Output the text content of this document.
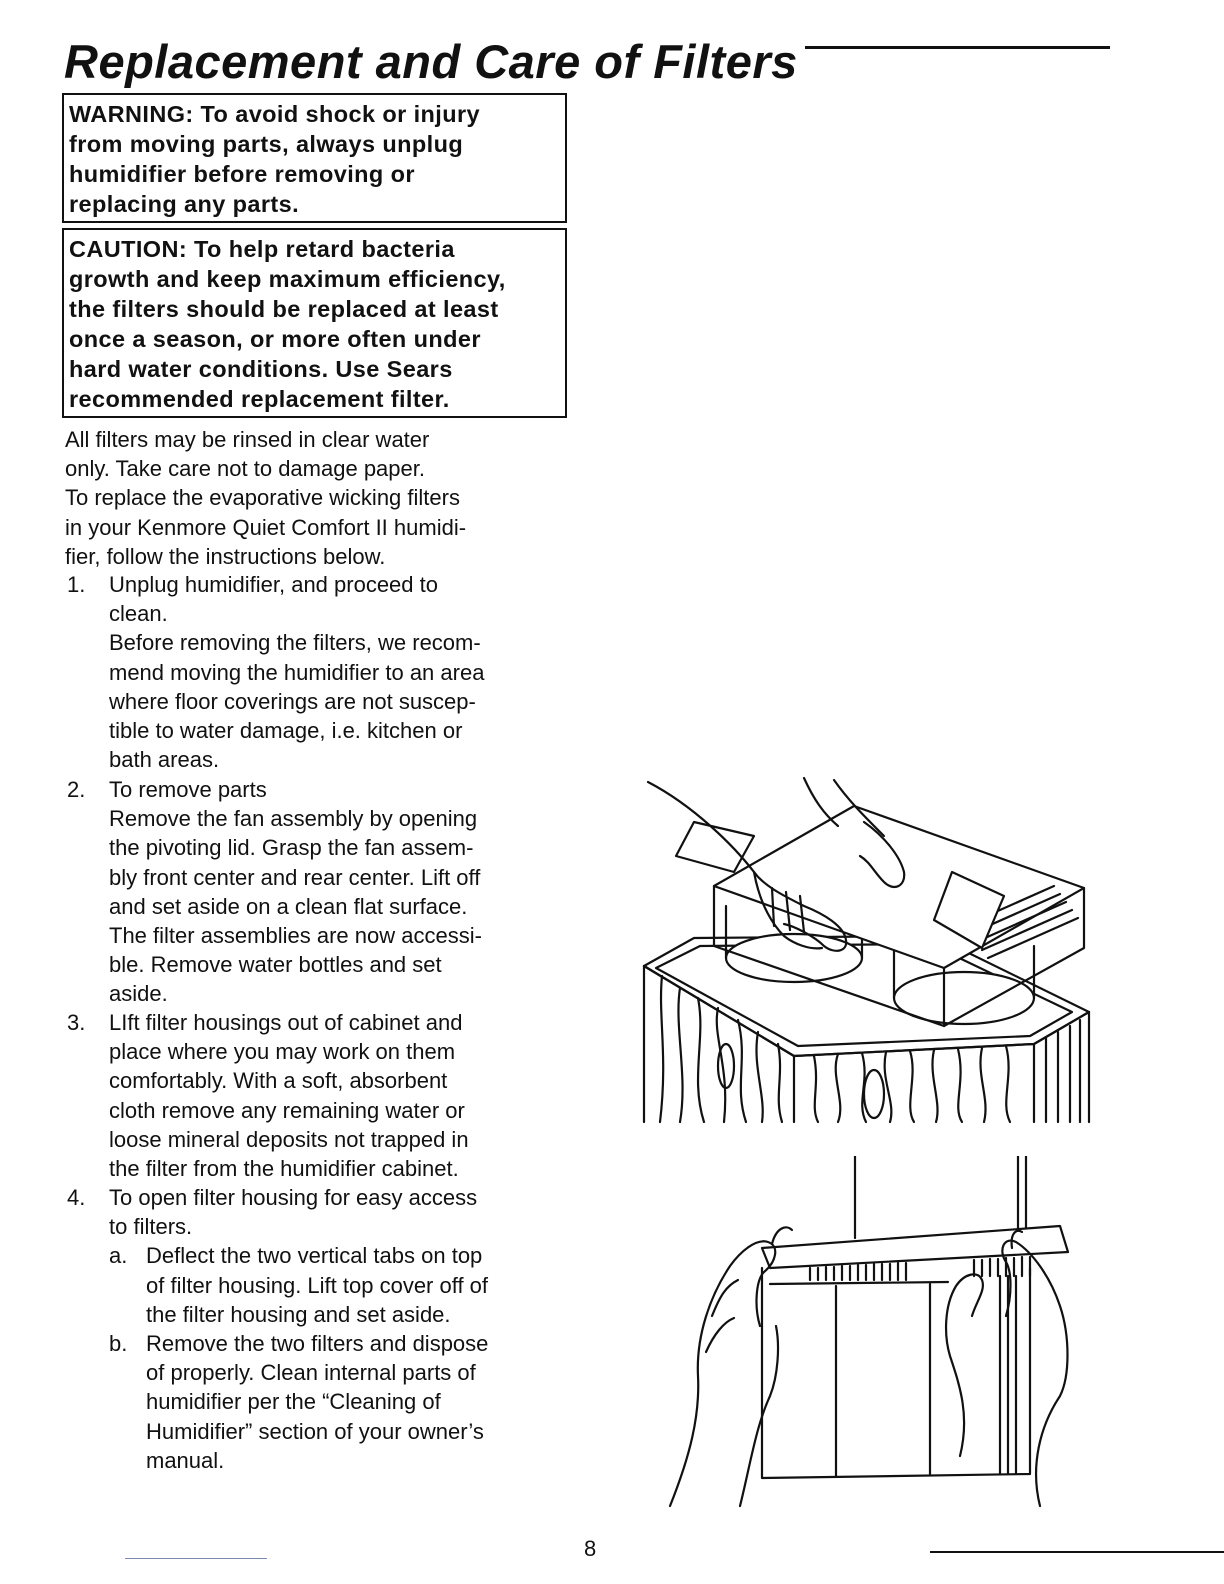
Replacement and Care of Filters
WARNING: To avoid shock or injury
from moving parts, always unplug
humidifier before removing or
replacing any parts.
CAUTION: To help retard bacteria
growth and keep maximum efficiency,
the filters should be replaced at least
once a season, or more often under
hard water conditions. Use Sears
recommended replacement filter.
All filters may be rinsed in clear water
only. Take care not to damage paper.
To replace the evaporative wicking filters
in your Kenmore Quiet Comfort II humidi-
fier, follow the instructions below.
1. Unplug humidifier, and proceed to
clean.
Before removing the filters, we recom-
mend moving the humidifier to an area
where floor coverings are not suscep-
tible to water damage, i.e. kitchen or
bath areas.
2. To remove parts
Remove the fan assembly by opening
the pivoting lid. Grasp the fan assem-
bly front center and rear center. Lift off
and set aside on a clean flat surface.
The filter assemblies are now accessi-
ble. Remove water bottles and set
aside.
3. LIft filter housings out of cabinet and
place where you may work on them
comfortably. With a soft, absorbent
cloth remove any remaining water or
loose mineral deposits not trapped in
the filter from the humidifier cabinet.
4. To open filter housing for easy access
to filters.
a. Deflect the two vertical tabs on top
of filter housing. Lift top cover off of
the filter housing and set aside.
b. Remove the two filters and dispose
of properly. Clean internal parts of
humidifier per the “Cleaning of
Humidifier” section of your owner’s
manual.
8
